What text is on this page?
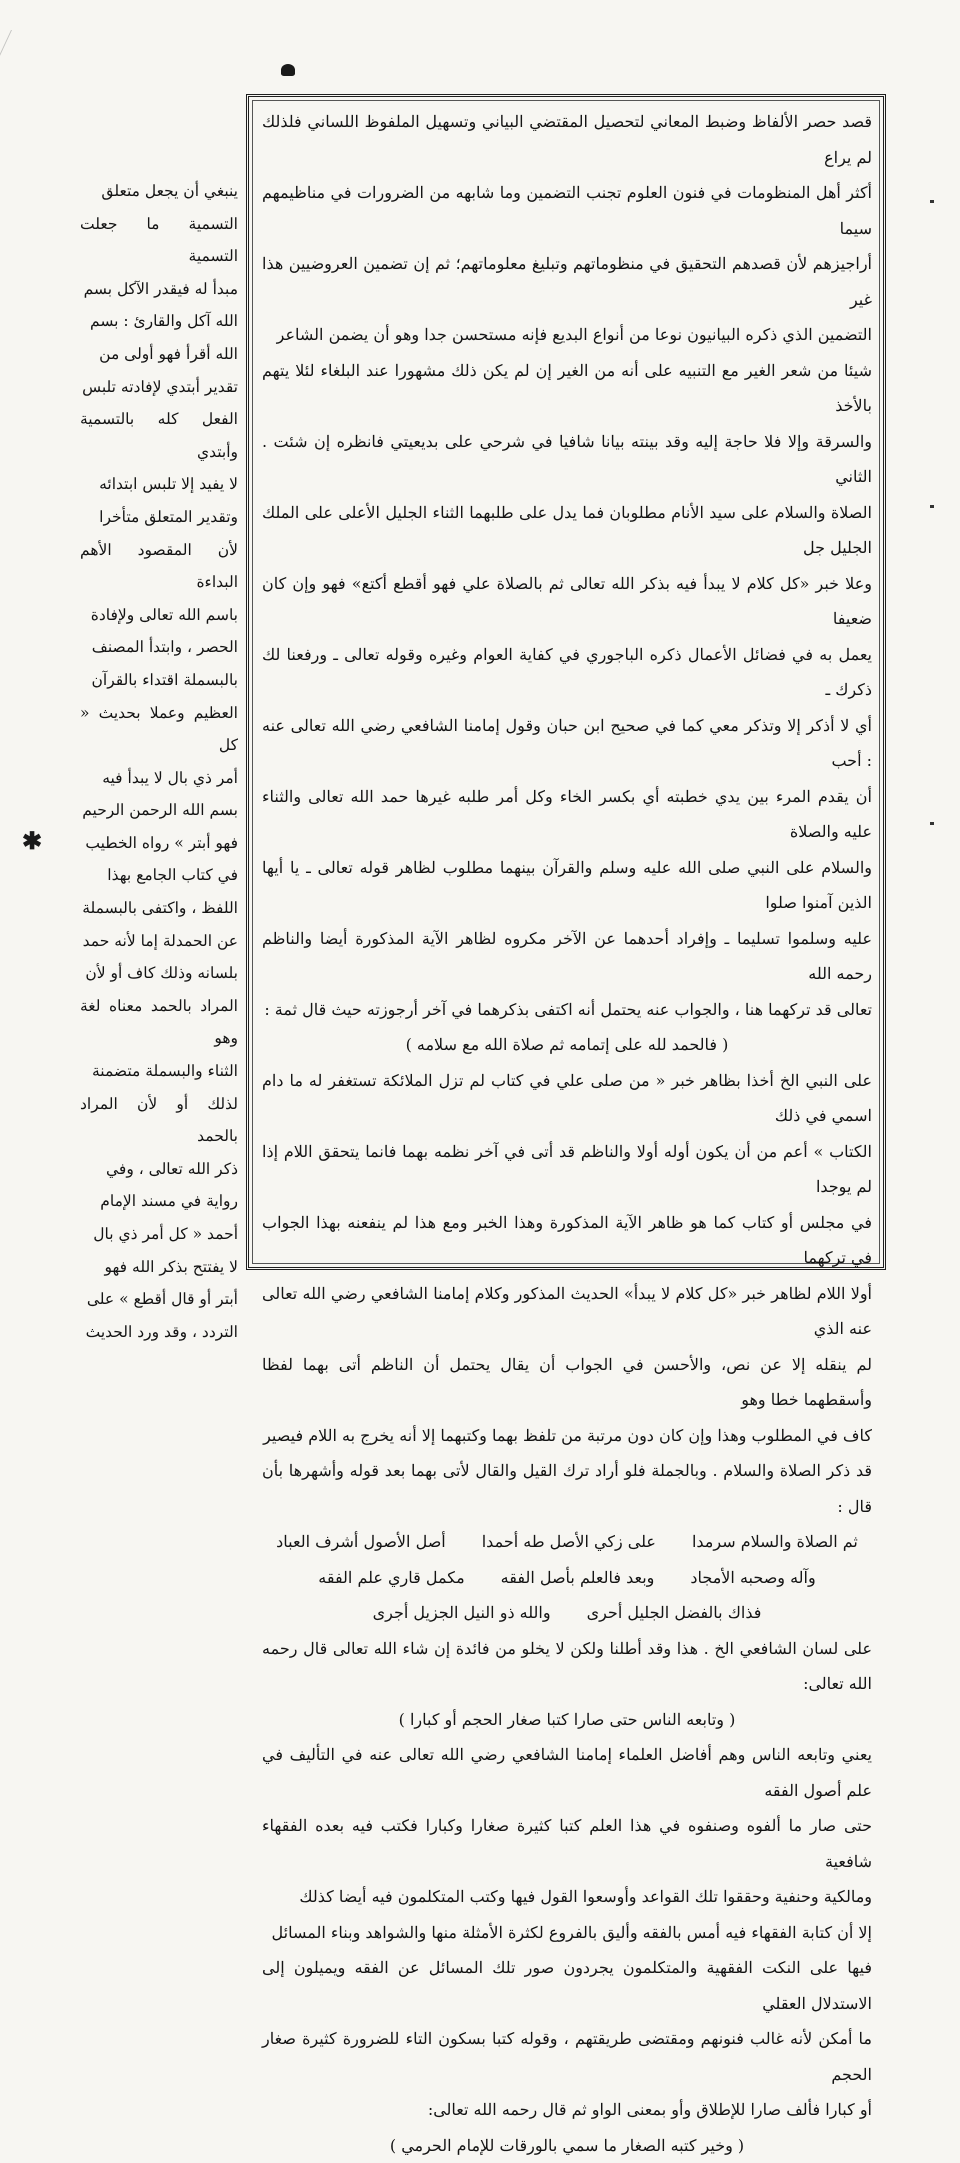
قصد حصر الألفاظ وضبط المعاني لتحصيل المقتضي البياني وتسهيل الملفوظ اللساني فلذلك لم يراع

أكثر أهل المنظومات في فنون العلوم تجنب التضمين وما شابهه من الضرورات في مناظيمهم سيما

أراجيزهم لأن قصدهم التحقيق في منظوماتهم وتبليغ معلوماتهم؛ ثم إن تضمين العروضيين هذا غير

التضمين الذي ذكره البيانيون نوعا من أنواع البديع فإنه مستحسن جدا وهو أن يضمن الشاعر

شيئا من شعر الغير مع التنبيه على أنه من الغير إن لم يكن ذلك مشهورا عند البلغاء لئلا يتهم بالأخذ

والسرقة وإلا فلا حاجة إليه وقد بينته بيانا شافيا في شرحي على بديعيتي فانظره إن شئت . الثاني

الصلاة والسلام على سيد الأنام مطلوبان فما يدل على طلبهما الثناء الجليل الأعلى على الملك الجليل جل

وعلا خبر «كل كلام لا يبدأ فيه بذكر الله تعالى ثم بالصلاة علي فهو أقطع أكتع» فهو وإن كان ضعيفا

يعمل به في فضائل الأعمال ذكره الباجوري في كفاية العوام وغيره وقوله تعالى ـ ورفعنا لك ذكرك ـ

أي لا أذكر إلا وتذكر معي كما في صحيح ابن حبان وقول إمامنا الشافعي رضي الله تعالى عنه : أحب

أن يقدم المرء بين يدي خطبته أي بكسر الخاء وكل أمر طلبه غيرها حمد الله تعالى والثناء عليه والصلاة

والسلام على النبي صلى الله عليه وسلم والقرآن بينهما مطلوب لظاهر قوله تعالى ـ يا أيها الذين آمنوا صلوا

عليه وسلموا تسليما ـ وإفراد أحدهما عن الآخر مكروه لظاهر الآية المذكورة أيضا والناظم رحمه الله

تعالى قد تركهما هنا ، والجواب عنه يحتمل أنه اكتفى بذكرهما في آخر أرجوزته حيث قال ثمة :

( فالحمد لله على إتمامه ثم صلاة الله مع سلامه )

على النبي الخ أخذا بظاهر خبر « من صلى علي في كتاب لم تزل الملائكة تستغفر له ما دام اسمي في ذلك

الكتاب » أعم من أن يكون أوله أولا والناظم قد أتى في آخر نظمه بهما فانما يتحقق اللام إذا لم يوجدا

في مجلس أو كتاب كما هو ظاهر الآية المذكورة وهذا الخبر ومع هذا لم ينفعنه بهذا الجواب في تركهما

أولا اللام لظاهر خبر «كل كلام لا يبدأ» الحديث المذكور وكلام إمامنا الشافعي رضي الله تعالى عنه الذي

لم ينقله إلا عن نص، والأحسن في الجواب أن يقال يحتمل أن الناظم أتى بهما لفظا وأسقطهما خطا وهو

كاف في المطلوب وهذا وإن كان دون مرتبة من تلفظ بهما وكتبهما إلا أنه يخرج به اللام فيصير

قد ذكر الصلاة والسلام . وبالجملة فلو أراد ترك القيل والقال لأتى بهما بعد قوله وأشهرها بأن قال :

ثم الصلاة والسلام سرمدا
على زكي الأصل طه أحمدا
أصل الأصول أشرف العباد
وآله وصحبه الأمجاد
وبعد فالعلم بأصل الفقه
مكمل قاري علم الفقه
فذاك بالفضل الجليل أحرى
والله ذو النيل الجزيل أجرى

على لسان الشافعي الخ . هذا وقد أطلنا ولكن لا يخلو من فائدة إن شاء الله تعالى قال رحمه الله تعالى:

( وتابعه الناس حتى صارا كتبا صغار الحجم أو كبارا )

يعني وتابعه الناس وهم أفاضل العلماء إمامنا الشافعي رضي الله تعالى عنه في التأليف في علم أصول الفقه

حتى صار ما ألفوه وصنفوه في هذا العلم كتبا كثيرة صغارا وكبارا فكتب فيه بعده الفقهاء شافعية

ومالكية وحنفية وحققوا تلك القواعد وأوسعوا القول فيها وكتب المتكلمون فيه أيضا كذلك

إلا أن كتابة الفقهاء فيه أمس بالفقه وأليق بالفروع لكثرة الأمثلة منها والشواهد وبناء المسائل

فيها على النكت الفقهية والمتكلمون يجردون صور تلك المسائل عن الفقه ويميلون إلى الاستدلال العقلي

ما أمكن لأنه غالب فنونهم ومقتضى طريقتهم ، وقوله كتبا بسكون التاء للضرورة كثيرة صغار الحجم

أو كبارا فألف صارا للإطلاق وأو بمعنى الواو ثم قال رحمه الله تعالى:

( وخير كتبه الصغار ما سمي بالورقات للإمام الحرمي )

ينبغي أن يجعل متعلق

التسمية ما جعلت التسمية

مبدأ له فيقدر الآكل بسم

الله آكل والقارئ : بسم

الله أقرأ فهو أولى من

تقدير أبتدي لإفادته تلبس

الفعل كله بالتسمية وأبتدي

لا يفيد إلا تلبس ابتدائه

وتقدير المتعلق متأخرا

لأن المقصود الأهم البداءة

باسم الله تعالى ولإفادة

الحصر ، وابتدأ المصنف

بالبسملة اقتداء بالقرآن

العظيم وعملا بحديث « كل

أمر ذي بال لا يبدأ فيه

بسم الله الرحمن الرحيم

فهو أبتر » رواه الخطيب

في كتاب الجامع بهذا

اللفظ ، واكتفى بالبسملة

عن الحمدلة إما لأنه حمد

بلسانه وذلك كاف أو لأن

المراد بالحمد معناه لغة وهو

الثناء والبسملة متضمنة

لذلك أو لأن المراد بالحمد

ذكر الله تعالى ، وفي

رواية في مسند الإمام

أحمد « كل أمر ذي بال

لا يفتتح بذكر الله فهو

أبتر أو قال أقطع » على

التردد ، وقد ورد الحديث

✱
